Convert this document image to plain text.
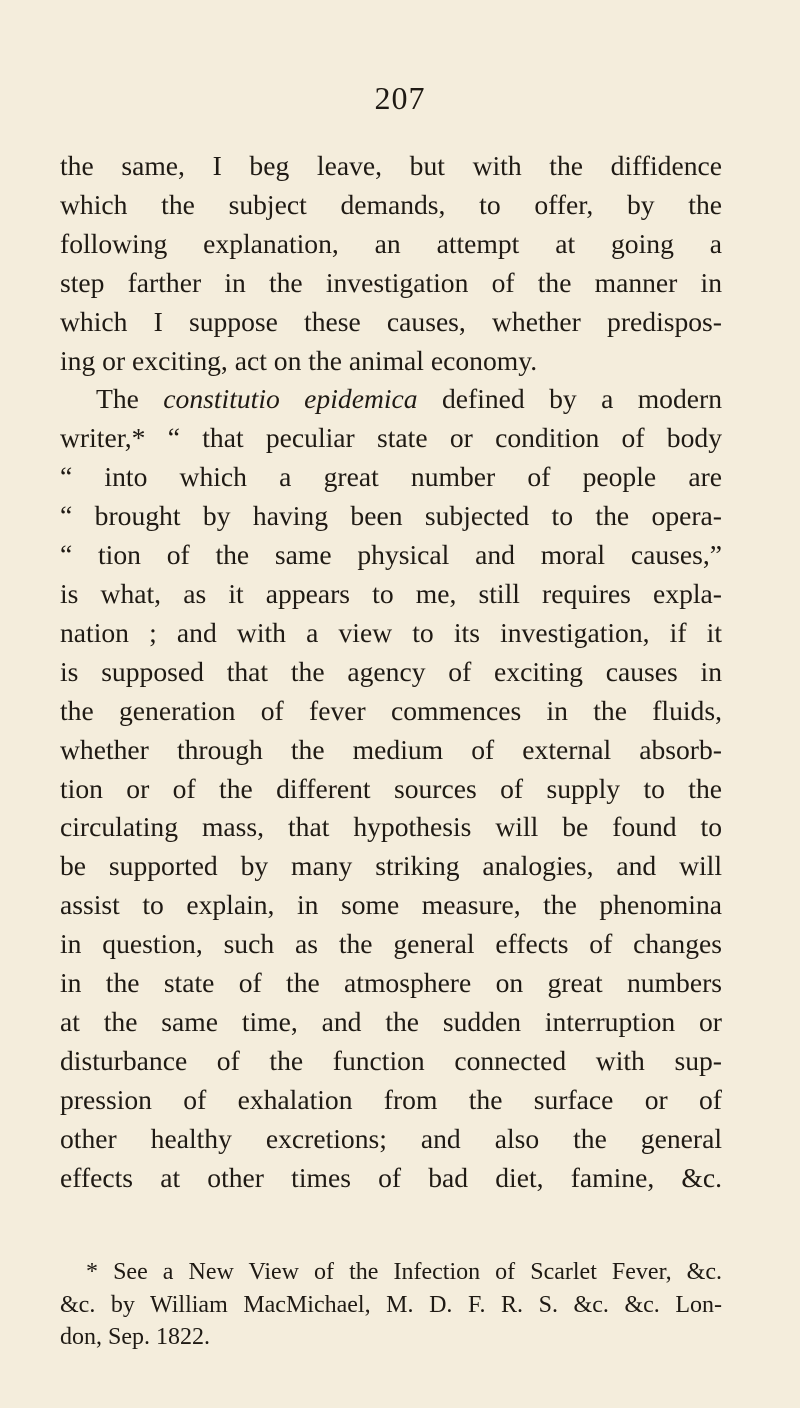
207
the same, I beg leave, but with the diffidence
which the subject demands, to offer, by the
following explanation, an attempt at going a
step farther in the investigation of the manner in
which I suppose these causes, whether predispos-
ing or exciting, act on the animal economy.
The constitutio epidemica defined by a modern
writer,* “ that peculiar state or condition of body
“ into which a great number of people are
“ brought by having been subjected to the opera-
“ tion of the same physical and moral causes,”
is what, as it appears to me, still requires expla-
nation ; and with a view to its investigation, if it
is supposed that the agency of exciting causes in
the generation of fever commences in the fluids,
whether through the medium of external absorb-
tion or of the different sources of supply to the
circulating mass, that hypothesis will be found to
be supported by many striking analogies, and will
assist to explain, in some measure, the phenomina
in question, such as the general effects of changes
in the state of the atmosphere on great numbers
at the same time, and the sudden interruption or
disturbance of the function connected with sup-
pression of exhalation from the surface or of
other healthy excretions; and also the general
effects at other times of bad diet, famine, &c.
* See a New View of the Infection of Scarlet Fever, &c.
&c. by William MacMichael, M. D. F. R. S. &c. &c. Lon-
don, Sep. 1822.
